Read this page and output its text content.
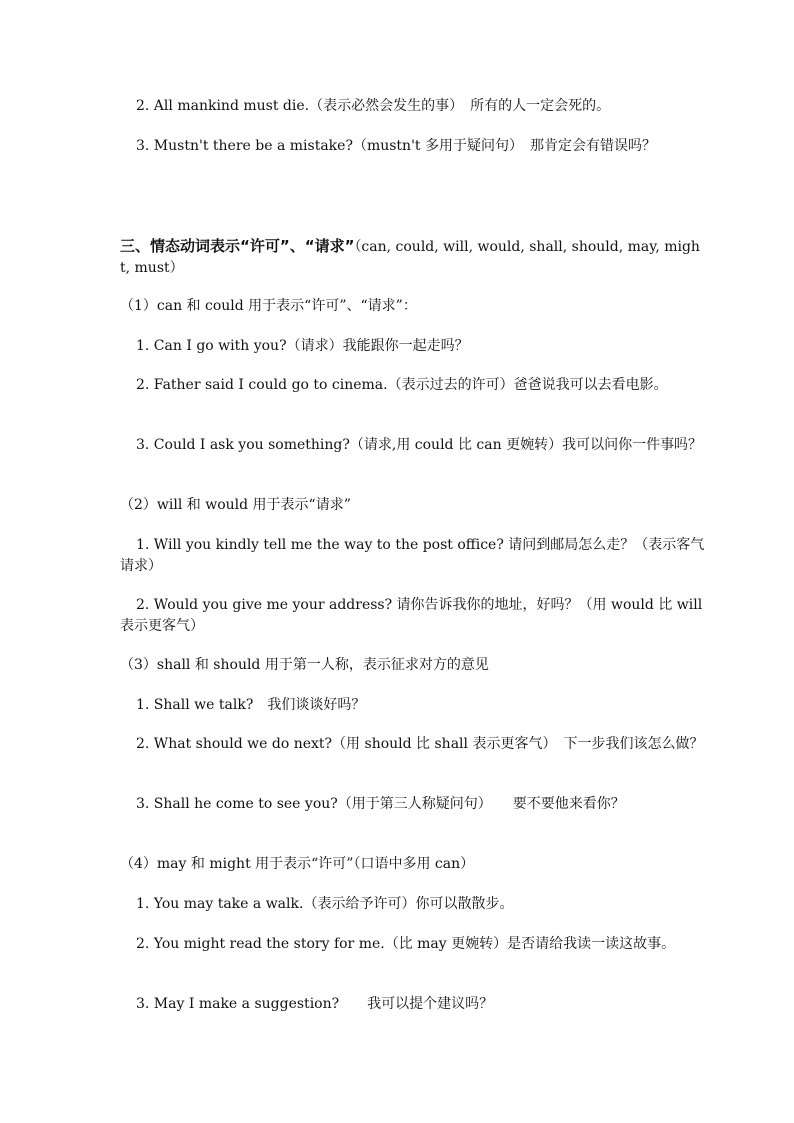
2. All mankind must die.（表示必然会发生的事）　所有的人一定会死的。

3. Mustn't there be a mistake?（mustn't 多用于疑问句）　那肯定会有错误吗？

三、情态动词表示“许可”、“请求”（can, could, will, would, shall, should, may, might, must）

（1）can 和 could 用于表示“许可”、“请求”：

1. Can I go with you?（请求）我能跟你一起走吗？

2. Father said I could go to cinema.（表示过去的许可）爸爸说我可以去看电影。

3. Could I ask you something?（请求,用 could 比 can 更婉转）我可以问你一件事吗？

（2）will 和 would 用于表示“请求”

1. Will you kindly tell me the way to the post office? 请问到邮局怎么走？（表示客气请求）

2. Would you give me your address? 请你告诉我你的地址，好吗？（用 would 比 will 表示更客气）

（3）shall 和 should 用于第一人称，表示征求对方的意见

1. Shall we talk?　我们谈谈好吗？

2. What should we do next?（用 should 比 shall 表示更客气）　下一步我们该怎么做？

3. Shall he come to see you?（用于第三人称疑问句）　　要不要他来看你？

（4）may 和 might 用于表示“许可”（口语中多用 can）

1. You may take a walk.（表示给予许可）你可以散散步。

2. You might read the story for me.（比 may 更婉转）是否请给我读一读这故事。

3. May I make a suggestion?　　我可以提个建议吗？
